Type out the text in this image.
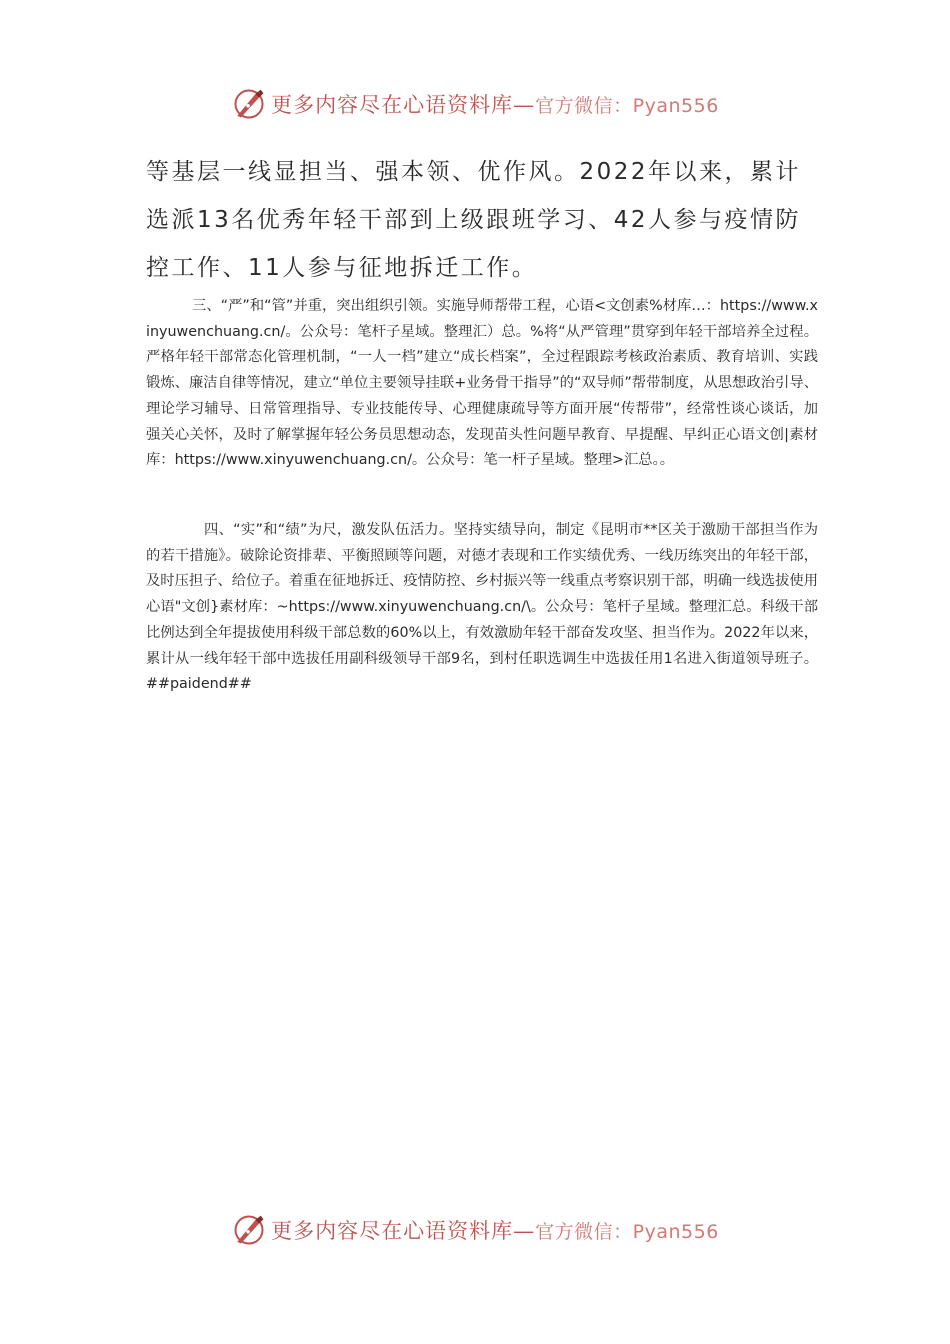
更多内容尽在心语资料库—官方微信：Pyan556

等基层一线显担当、强本领、优作风。2022年以来，累计选派13名优秀年轻干部到上级跟班学习、42人参与疫情防控工作、11人参与征地拆迁工作。

三、“严”和“管”并重，突出组织引领。实施导师帮带工程，心语<文创素%材库…：https://www.xinyuwenchuang.cn/。公众号：笔杆子星域。整理汇）总。%将“从严管理”贯穿到年轻干部培养全过程。严格年轻干部常态化管理机制，“一人一档”建立“成长档案”，全过程跟踪考核政治素质、教育培训、实践锻炼、廉洁自律等情况，建立“单位主要领导挂联+业务骨干指导”的“双导师”帮带制度，从思想政治引导、理论学习辅导、日常管理指导、专业技能传导、心理健康疏导等方面开展“传帮带”，经常性谈心谈话，加强关心关怀，及时了解掌握年轻公务员思想动态，发现苗头性问题早教育、早提醒、早纠正心语文创|素材库：https://www.xinyuwenchuang.cn/。公众号：笔一杆子星域。整理>汇总。。

四、“实”和“绩”为尺，激发队伍活力。坚持实绩导向，制定《昆明市**区关于激励干部担当作为的若干措施》。破除论资排辈、平衡照顾等问题，对德才表现和工作实绩优秀、一线历练突出的年轻干部，及时压担子、给位子。着重在征地拆迁、疫情防控、乡村振兴等一线重点考察识别干部，明确一线选拔使用心语"文创}素材库：~https://www.xinyuwenchuang.cn/\。公众号：笔杆子星域。整理汇总。科级干部比例达到全年提拔使用科级干部总数的60%以上，有效激励年轻干部奋发攻坚、担当作为。2022年以来，累计从一线年轻干部中选拔任用副科级领导干部9名，到村任职选调生中选拔任用1名进入街道领导班子。 ##paidend##

更多内容尽在心语资料库—官方微信：Pyan556
